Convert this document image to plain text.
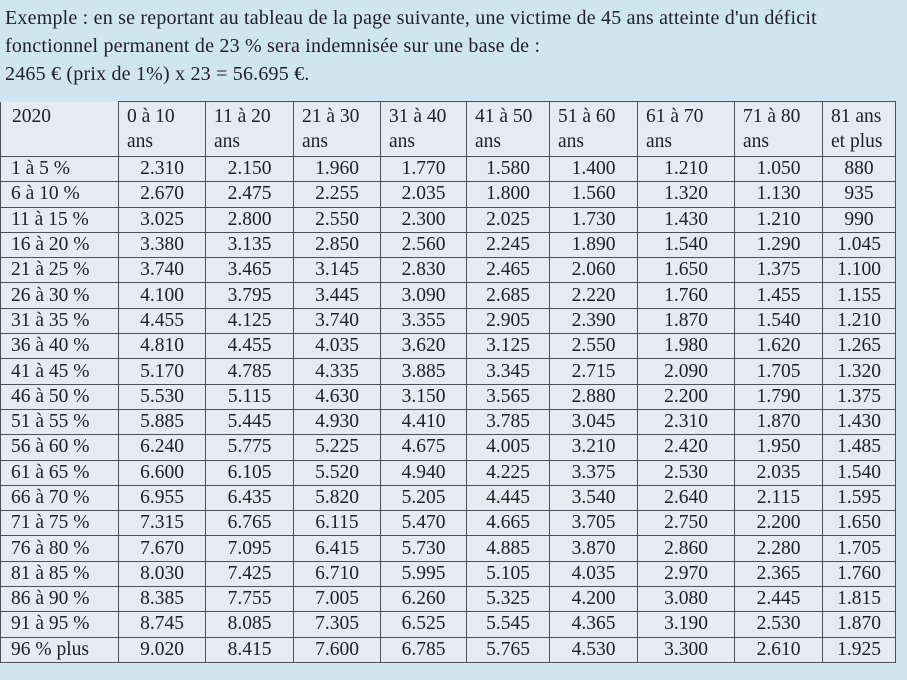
Exemple : en se reportant au tableau de la page suivante, une victime de 45 ans atteinte d'un déficit
fonctionnel permanent de 23 % sera indemnisée sur une base de :
2465 € (prix de 1%) x 23 = 56.695 €.
2020	0 à 10 ans	11 à 20 ans	21 à 30 ans	31 à 40 ans	41 à 50 ans	51 à 60 ans	61 à 70 ans	71 à 80 ans	81 ans et plus
1 à 5 %	2.310	2.150	1.960	1.770	1.580	1.400	1.210	1.050	880
6 à 10 %	2.670	2.475	2.255	2.035	1.800	1.560	1.320	1.130	935
11 à 15 %	3.025	2.800	2.550	2.300	2.025	1.730	1.430	1.210	990
16 à 20 %	3.380	3.135	2.850	2.560	2.245	1.890	1.540	1.290	1.045
21 à 25 %	3.740	3.465	3.145	2.830	2.465	2.060	1.650	1.375	1.100
26 à 30 %	4.100	3.795	3.445	3.090	2.685	2.220	1.760	1.455	1.155
31 à 35 %	4.455	4.125	3.740	3.355	2.905	2.390	1.870	1.540	1.210
36 à 40 %	4.810	4.455	4.035	3.620	3.125	2.550	1.980	1.620	1.265
41 à 45 %	5.170	4.785	4.335	3.885	3.345	2.715	2.090	1.705	1.320
46 à 50 %	5.530	5.115	4.630	3.150	3.565	2.880	2.200	1.790	1.375
51 à 55 %	5.885	5.445	4.930	4.410	3.785	3.045	2.310	1.870	1.430
56 à 60 %	6.240	5.775	5.225	4.675	4.005	3.210	2.420	1.950	1.485
61 à 65 %	6.600	6.105	5.520	4.940	4.225	3.375	2.530	2.035	1.540
66 à 70 %	6.955	6.435	5.820	5.205	4.445	3.540	2.640	2.115	1.595
71 à 75 %	7.315	6.765	6.115	5.470	4.665	3.705	2.750	2.200	1.650
76 à 80 %	7.670	7.095	6.415	5.730	4.885	3.870	2.860	2.280	1.705
81 à 85 %	8.030	7.425	6.710	5.995	5.105	4.035	2.970	2.365	1.760
86 à 90 %	8.385	7.755	7.005	6.260	5.325	4.200	3.080	2.445	1.815
91 à 95 %	8.745	8.085	7.305	6.525	5.545	4.365	3.190	2.530	1.870
96 % plus	9.020	8.415	7.600	6.785	5.765	4.530	3.300	2.610	1.925
